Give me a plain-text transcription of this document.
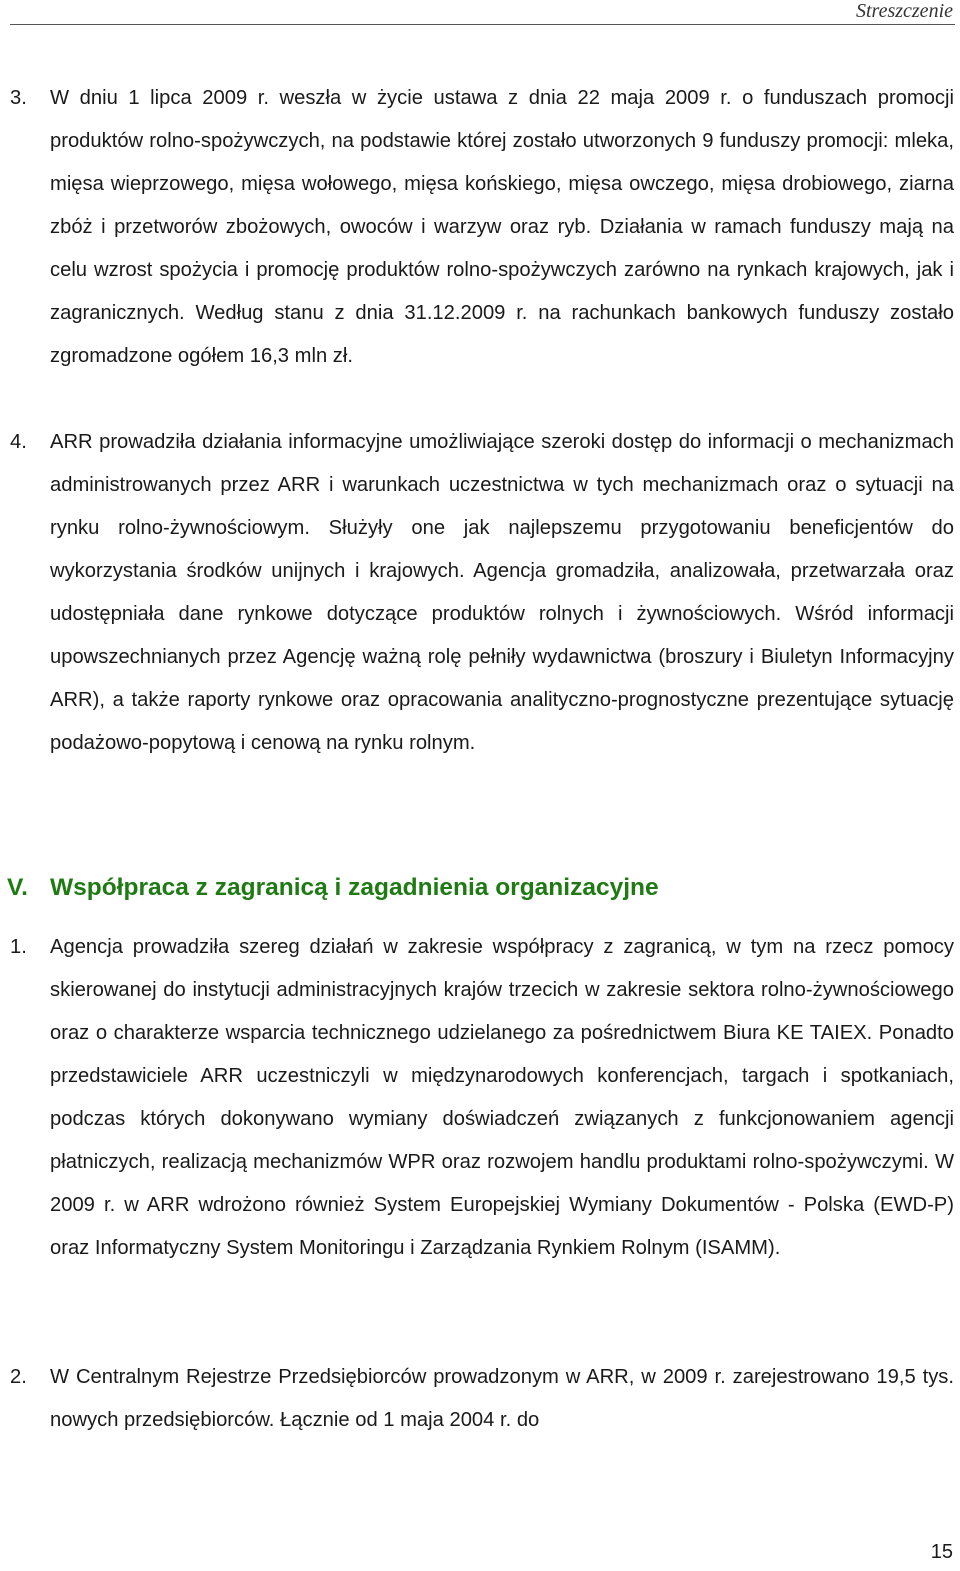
Streszczenie
3.	W dniu 1 lipca 2009 r. weszła w życie ustawa z dnia 22 maja 2009 r. o funduszach promocji produktów rolno-spożywczych, na podstawie której zostało utworzonych 9 funduszy promocji: mleka, mięsa wieprzowego, mięsa wołowego, mięsa końskiego, mięsa owczego, mięsa drobiowego, ziarna zbóż i przetworów zbożowych, owoców i warzyw oraz ryb. Działania w ramach funduszy mają na celu wzrost spożycia i promocję produktów rolno-spożywczych zarówno na rynkach krajowych, jak i zagranicznych. Według stanu z dnia 31.12.2009 r. na rachunkach bankowych funduszy zostało zgromadzone ogółem 16,3 mln zł.
4.	ARR prowadziła działania informacyjne umożliwiające szeroki dostęp do informacji o mechanizmach administrowanych przez ARR i warunkach uczestnictwa w tych mechanizmach oraz o sytuacji na rynku rolno-żywnościowym. Służyły one jak najlepszemu przygotowaniu beneficjentów do wykorzystania środków unijnych i krajowych. Agencja gromadziła, analizowała, przetwarzała oraz udostępniała dane rynkowe dotyczące produktów rolnych i żywnościowych. Wśród informacji upowszechnianych przez Agencję ważną rolę pełniły wydawnictwa (broszury i Biuletyn Informacyjny ARR), a także raporty rynkowe oraz opracowania analityczno-prognostyczne prezentujące sytuację podażowo-popytową i cenową na rynku rolnym.
V. Współpraca z zagranicą i zagadnienia organizacyjne
1.	Agencja prowadziła szereg działań w zakresie współpracy z zagranicą, w tym na rzecz pomocy skierowanej do instytucji administracyjnych krajów trzecich w zakresie sektora rolno-żywnościowego oraz o charakterze wsparcia technicznego udzielanego za pośrednictwem Biura KE TAIEX. Ponadto przedstawiciele ARR uczestniczyli w międzynarodowych konferencjach, targach i spotkaniach, podczas których dokonywano wymiany doświadczeń związanych z funkcjonowaniem agencji płatniczych, realizacją mechanizmów WPR oraz rozwojem handlu produktami rolno-spożywczymi. W 2009 r. w ARR wdrożono również System Europejskiej Wymiany Dokumentów - Polska (EWD-P) oraz Informatyczny System Monitoringu i Zarządzania Rynkiem Rolnym (ISAMM).
2.	W Centralnym Rejestrze Przedsiębiorców prowadzonym w ARR, w 2009 r. zarejestrowano 19,5 tys. nowych przedsiębiorców. Łącznie od 1 maja 2004 r. do
15
